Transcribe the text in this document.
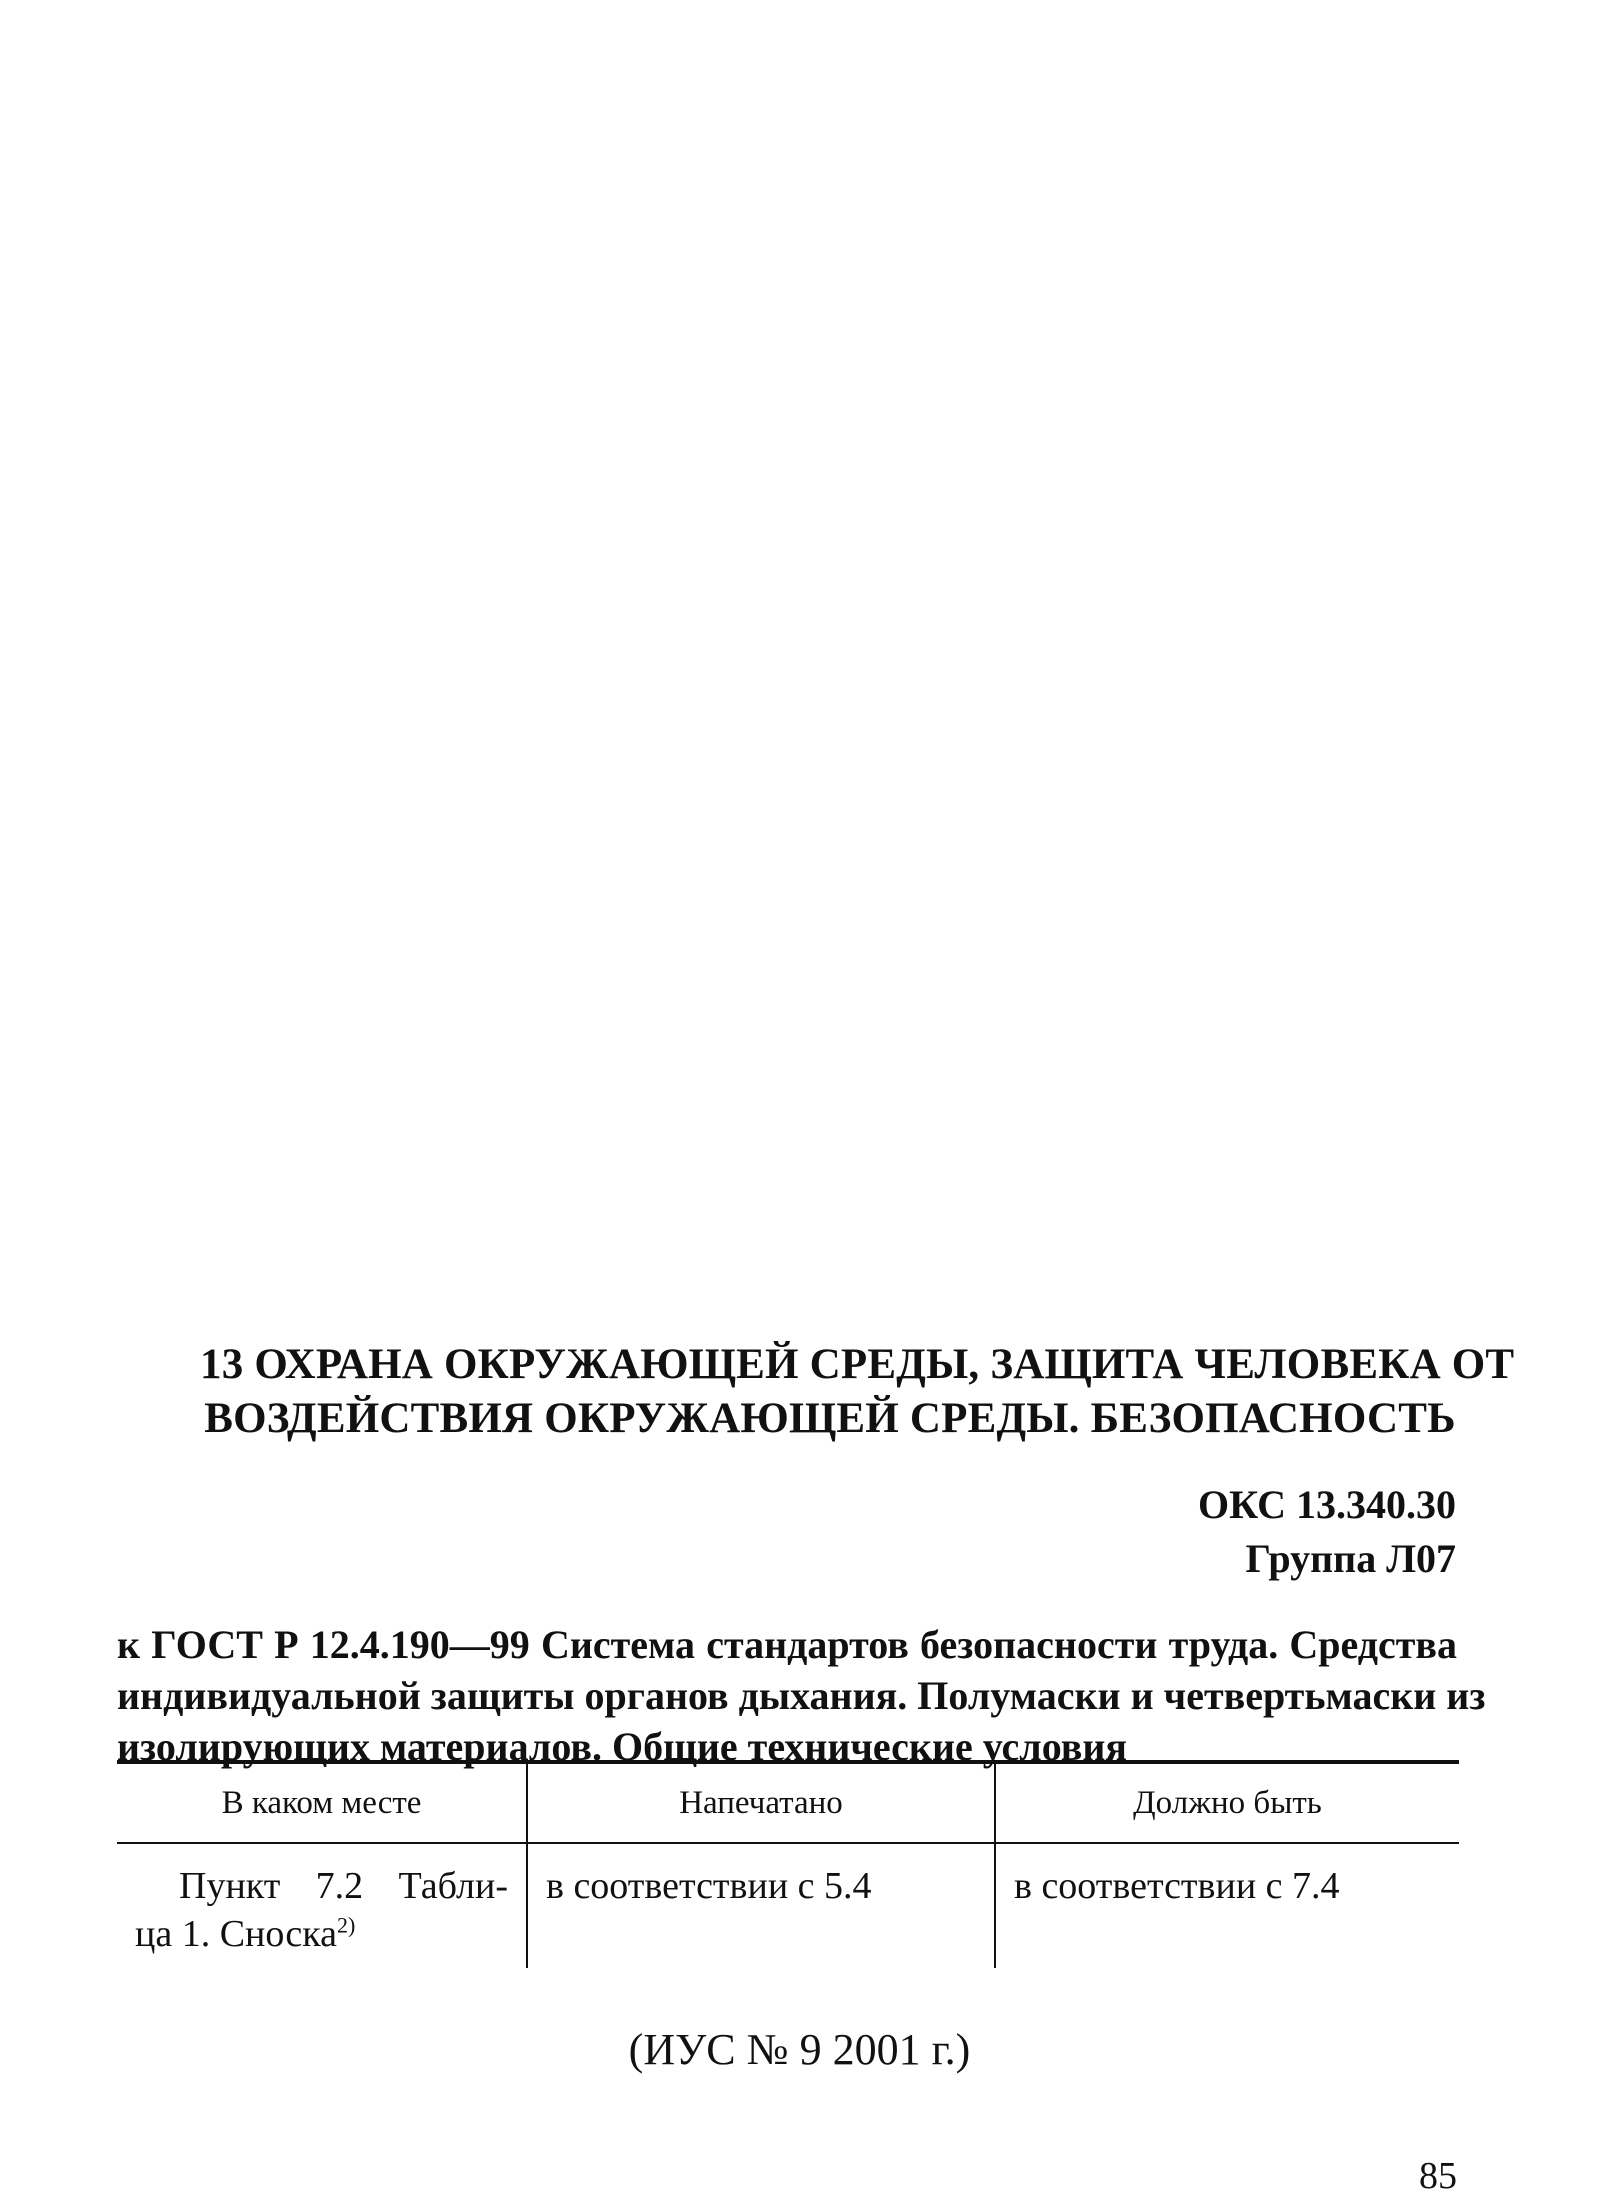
13 ОХРАНА ОКРУЖАЮЩЕЙ СРЕДЫ, ЗАЩИТА ЧЕЛОВЕКА ОТ
ВОЗДЕЙСТВИЯ ОКРУЖАЮЩЕЙ СРЕДЫ. БЕЗОПАСНОСТЬ
ОКС 13.340.30
Группа Л07
к ГОСТ Р 12.4.190—99 Система стандартов безопасности труда. Средства
индивидуальной защиты органов дыхания. Полумаски и четвертьмаски из
изолирующих материалов. Общие технические условия
В каком месте	Напечатано	Должно быть

Пункт 7.2 Табли-
ца 1. Сноска$^{2)}$	в соответствии с 5.4	в соответствии с 7.4
(ИУС № 9 2001 г.)
85
